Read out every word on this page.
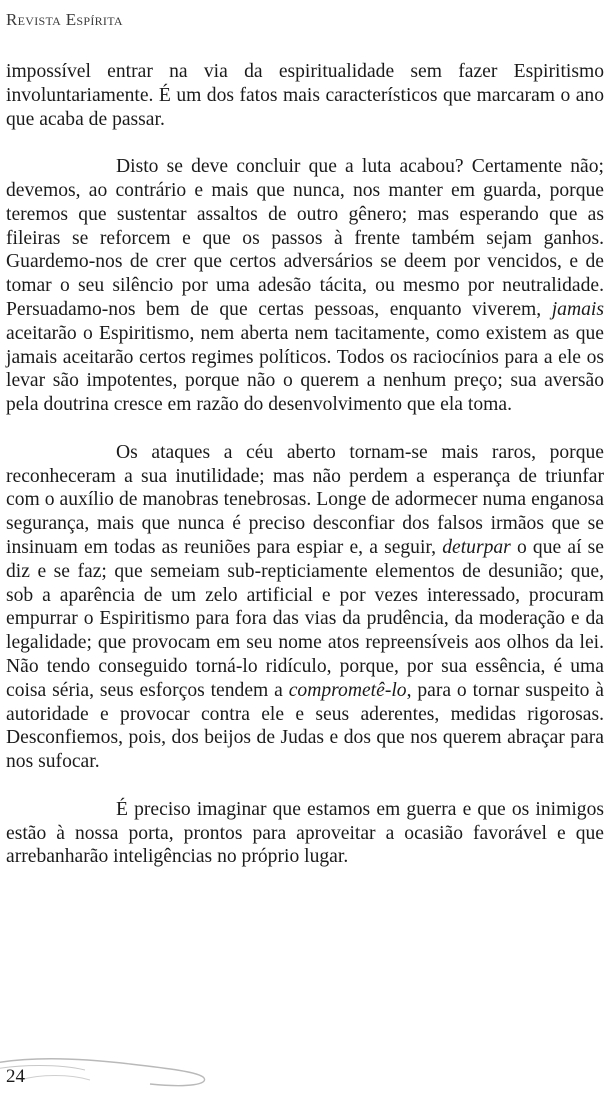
Revista Espírita

impossível entrar na via da espiritualidade sem fazer Espiritismo involuntariamente. É um dos fatos mais característicos que marcaram o ano que acaba de passar.

Disto se deve concluir que a luta acabou? Certamente não; devemos, ao contrário e mais que nunca, nos manter em guarda, porque teremos que sustentar assaltos de outro gênero; mas esperando que as fileiras se reforcem e que os passos à frente também sejam ganhos. Guardemo-nos de crer que certos adversários se deem por vencidos, e de tomar o seu silêncio por uma adesão tácita, ou mesmo por neutralidade. Persuadamo-nos bem de que certas pessoas, enquanto viverem, jamais aceitarão o Espiritismo, nem aberta nem tacitamente, como existem as que jamais aceitarão certos regimes políticos. Todos os raciocínios para a ele os levar são impotentes, porque não o querem a nenhum preço; sua aversão pela doutrina cresce em razão do desenvolvimento que ela toma.

Os ataques a céu aberto tornam-se mais raros, porque reconheceram a sua inutilidade; mas não perdem a esperança de triunfar com o auxílio de manobras tenebrosas. Longe de adormecer numa enganosa segurança, mais que nunca é preciso desconfiar dos falsos irmãos que se insinuam em todas as reuniões para espiar e, a seguir, deturpar o que aí se diz e se faz; que semeiam sub-repticiamente elementos de desunião; que, sob a aparência de um zelo artificial e por vezes interessado, procuram empurrar o Espiritismo para fora das vias da prudência, da moderação e da legalidade; que provocam em seu nome atos repreensíveis aos olhos da lei. Não tendo conseguido torná-lo ridículo, porque, por sua essência, é uma coisa séria, seus esforços tendem a comprometê-lo, para o tornar suspeito à autoridade e provocar contra ele e seus aderentes, medidas rigorosas. Desconfiemos, pois, dos beijos de Judas e dos que nos querem abraçar para nos sufocar.

É preciso imaginar que estamos em guerra e que os inimigos estão à nossa porta, prontos para aproveitar a ocasião favorável e que arrebanharão inteligências no próprio lugar.

24
